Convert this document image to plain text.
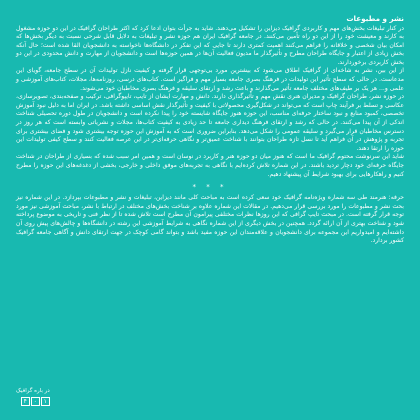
نشر و مطبوعات

در کنار تبلیغات بخش‌های مهم و کاربردی گرافیک دیزاین را تشکیل می‌دهند. شاید به جرأت بتوان ادعا کرد که اکثر طراحان گرافیک در این دو حوزه مشغول به کارند و معیشت خود را از این دو راه تأمین می‌کنند. در جامعه گرافیک ایران هم حوزه نشر و تبلیغات به دلایل قابل شرحی نسبت به دیگر بخش‌ها که امکان بیان شخصی و خلاقانه را فراهم می‌کنند اهمیت کمتری دارند تا جایی که این تفکر در دانشگاه‌ها ناخواسته به دانشجویان القا شده است؛ حال آنکه بخش زیادی از اعتبار و جایگاه طراحان مطرح و تأثیرگذار ما مدیون فعالیت آن‌ها در همین حوزه‌ها است و دانشجویان از مهارت و دانش محدودی در این دو بخش کاربردی برخوردارند.

از این بین، نشر به شاخه‌ای از گرافیک اطلاق می‌شود که بیشترین مورد بی‌توجهی قرار گرفته و کیفیت نازل تولیدات آن در سطح جامعه، گویای این مدعاست. در حالی که سطح تأثیر این تولیدات در فرهنگ بصری جامعه بسیار مهم و فراگیر است. کتاب‌های درسی، روزنامه‌ها، مجلات، کتاب‌های آموزشی و علمی و... هر یک بر طیف‌های مختلف جامعه تأثیر می‌گذارند و باعث رشد و ارتقای سلیقه و فرهنگ بصری مخاطبان خود می‌شوند.

در حوزه نشر، طراحان گرافیک و مدیران هنری نقش مهم و تأثیرگذاری دارند. دانش و مهارت ایشان از تایپ، تایپوگرافی، ترکیب و صفحه‌بندی، تصویرسازی، عکاسی و تسلط بر فرآیند چاپ است که می‌تواند در شکل‌گیری محصولاتی با کیفیت و تأثیرگذار نقش اساسی داشته باشد. در ایران اما به دلیل نبود آموزش تخصصی، کمبود منابع و نبود ساختار حرفه‌ای مناسب، این حوزه هنوز جایگاه شایسته خود را پیدا نکرده است و دانشجویان در طول دوره تحصیلی شناخت اندکی از آن پیدا می‌کنند. در حالی که رشد و ارتقای فرهنگ دیداری جامعه تا حد زیادی به کیفیت کتاب‌ها، مجلات و نشریاتی وابسته است که هر روز در دسترس مخاطبان قرار می‌گیرد و سلیقه عمومی را شکل می‌دهد. بنابراین ضروری است که به آموزش این حوزه توجه بیشتری شود و فضای بیشتری برای تجربه و پژوهش در آن فراهم آید تا نسل تازه طراحان بتوانند با شناخت عمیق‌تر و نگاهی حرفه‌ای‌تر در این عرصه فعالیت کنند و سطح کیفی تولیدات این حوزه را ارتقا دهند.

شاید این سرنوشت محتوم گرافیک ما است که هنوز میان دو حوزه هنر و کاربرد در نوسان است و همین امر سبب شده که بسیاری از طراحان در شناخت جایگاه حرفه‌ای خود دچار تردید باشند. در این شماره تلاش کرده‌ایم با نگاهی به تجربه‌های موفق داخلی و خارجی، بخشی از دغدغه‌های این حوزه را مطرح کنیم و راهکارهایی برای بهبود شرایط آن پیشنهاد دهیم.

* * *

حرفه: هنرمند طی سه شماره ویژه‌نامه گرافیک خود سعی کرده است به مباحث کلی مانند دیزاین، تبلیغات و نشر و مطبوعات بپردازد. در این شماره نیز بحث نشر و مطبوعات را مورد بررسی قرار می‌دهیم. در مقالات این شماره علاوه بر شناخت بخش‌های مختلف در ارتباط با نشر، مباحث آموزشی نیز مورد توجه قرار گرفته است. در مبحث تایپ گرافی که این روزها نظرات مختلفی پیرامون آن مطرح است تلاش شده تا از نظر فنی و تاریخی به موضوع پرداخته شود و شناخت بهتری از آن ارائه گردد. همچنین در بخش دیگری از این شماره نگاهی به شرایط آموزشی این رشته در دانشگاه‌ها و چالش‌های پیش روی آن داشته‌ایم و امیدواریم این مجموعه برای دانشجویان و علاقه‌مندان این حوزه مفید باشد و بتواند گامی کوچک در جهت ارتقای دانش و آگاهی جامعه گرافیک کشور بردارد.

در باره گرافیک
۴	۰	۱
